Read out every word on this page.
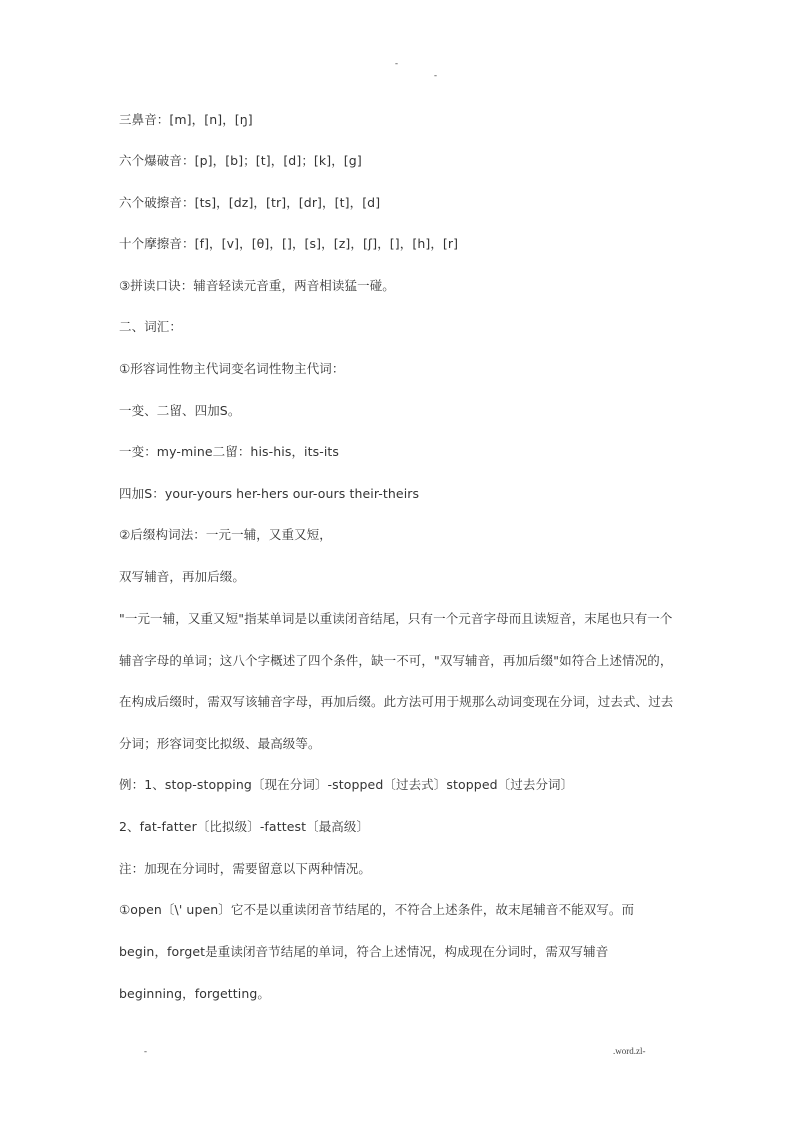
-
-
三鼻音：[m]，[n]，[ŋ]
六个爆破音：[p]，[b]；[t]，[d]；[k]，[g]
六个破擦音：[ts]，[dz]，[tr]，[dr]，[t]，[d]
十个摩擦音：[f]，[v]，[θ]，[]，[s]，[z]，[ʃ]，[]，[h]，[r]
③拼读口诀：辅音轻读元音重，两音相读猛一碰。
二、词汇：
①形容词性物主代词变名词性物主代词：
一变、二留、四加S。
一变：my-mine二留：his-his，its-its
四加S：your-yours her-hers our-ours their-theirs
②后缀构词法：一元一辅，又重又短，
双写辅音，再加后缀。
"一元一辅，又重又短"指某单词是以重读闭音结尾，只有一个元音字母而且读短音，末尾也只有一个
辅音字母的单词；这八个字概述了四个条件，缺一不可，"双写辅音，再加后缀"如符合上述情况的，
在构成后缀时，需双写该辅音字母，再加后缀。此方法可用于规那么动词变现在分词，过去式、过去
分词；形容词变比拟级、最高级等。
例：1、stop-stopping〔现在分词〕-stopped〔过去式〕stopped〔过去分词〕
2、fat-fatter〔比拟级〕-fattest〔最高级〕
注：加现在分词时，需要留意以下两种情况。
①open〔\' upen〕它不是以重读闭音节结尾的，不符合上述条件，故末尾辅音不能双写。而
begin，forget是重读闭音节结尾的单词，符合上述情况，构成现在分词时，需双写辅音
beginning，forgetting。
-	.word.zl-
